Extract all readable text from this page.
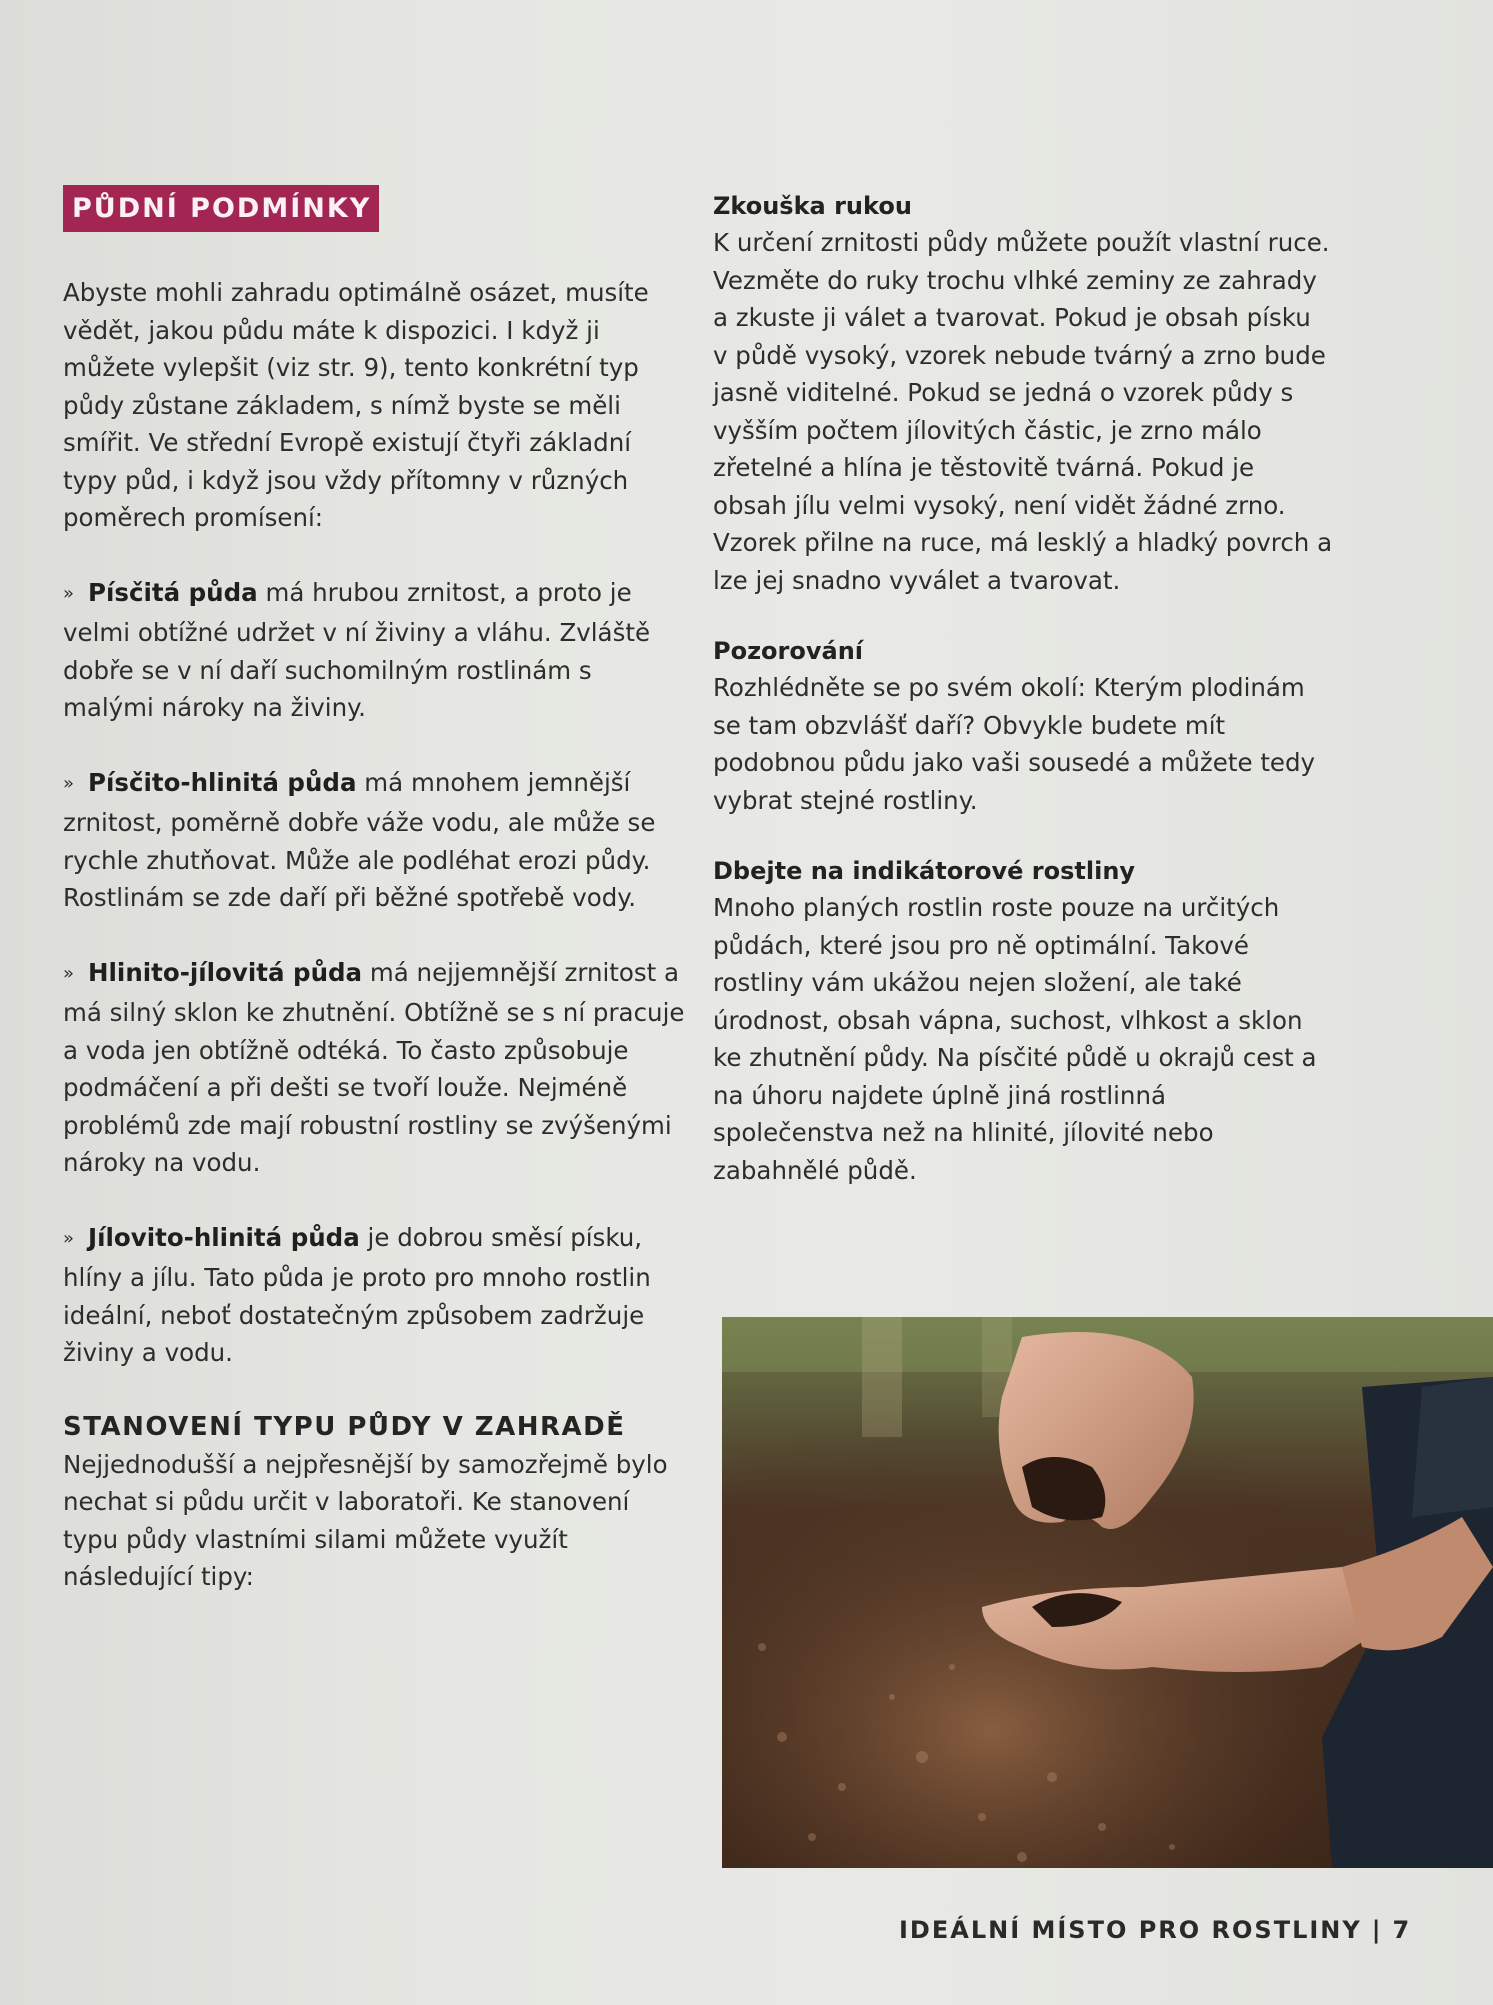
PŮDNÍ PODMÍNKY

Abyste mohli zahradu optimálně osázet, musíte vědět, jakou půdu máte k dispozici. I když ji můžete vylepšit (viz str. 9), tento konkrétní typ půdy zůstane základem, s nímž byste se měli smířit. Ve střední Evropě existují čtyři základní typy půd, i když jsou vždy přítomny v různých poměrech promísení:

» Písčitá půda má hrubou zrnitost, a proto je velmi obtížné udržet v ní živiny a vláhu. Zvláště dobře se v ní daří suchomilným rostlinám s malými nároky na živiny.

» Písčito-hlinitá půda má mnohem jemnější zrnitost, poměrně dobře váže vodu, ale může se rychle zhutňovat. Může ale podléhat erozi půdy. Rostlinám se zde daří při běžné spotřebě vody.

» Hlinito-jílovitá půda má nejjemnější zrnitost a má silný sklon ke zhutnění. Obtížně se s ní pracuje a voda jen obtížně odtéká. To často způsobuje podmáčení a při dešti se tvoří louže. Nejméně problémů zde mají robustní rostliny se zvýšenými nároky na vodu.

» Jílovito-hlinitá půda je dobrou směsí písku, hlíny a jílu. Tato půda je proto pro mnoho rostlin ideální, neboť dostatečným způsobem zadržuje živiny a vodu.

STANOVENÍ TYPU PŮDY V ZAHRADĚ

Nejjednodušší a nejpřesnější by samozřejmě bylo nechat si půdu určit v laboratoři. Ke stanovení typu půdy vlastními silami můžete využít následující tipy:

Zkouška rukou

K určení zrnitosti půdy můžete použít vlastní ruce. Vezměte do ruky trochu vlhké zeminy ze zahrady a zkuste ji válet a tvarovat. Pokud je obsah písku v půdě vysoký, vzorek nebude tvárný a zrno bude jasně viditelné. Pokud se jedná o vzorek půdy s vyšším počtem jílovitých částic, je zrno málo zřetelné a hlína je těstovitě tvárná. Pokud je obsah jílu velmi vysoký, není vidět žádné zrno. Vzorek přilne na ruce, má lesklý a hladký povrch a lze jej snadno vyválet a tvarovat.

Pozorování

Rozhlédněte se po svém okolí: Kterým plodinám se tam obzvlášť daří? Obvykle budete mít podobnou půdu jako vaši sousedé a můžete tedy vybrat stejné rostliny.

Dbejte na indikátorové rostliny

Mnoho planých rostlin roste pouze na určitých půdách, které jsou pro ně optimální. Takové rostliny vám ukážou nejen složení, ale také úrodnost, obsah vápna, suchost, vlhkost a sklon ke zhutnění půdy. Na písčité půdě u okrajů cest a na úhoru najdete úplně jiná rostlinná společenstva než na hlinité, jílovité nebo zabahnělé půdě.

IDEÁLNÍ MÍSTO PRO ROSTLINY | 7
